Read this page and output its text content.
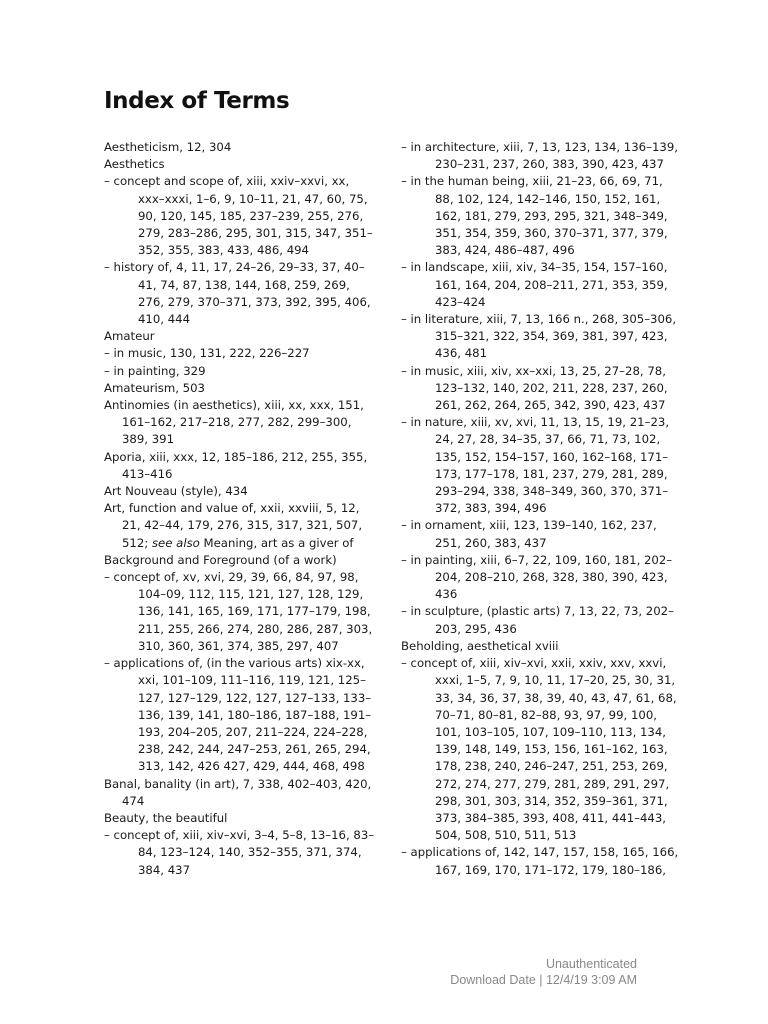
Index of Terms

Aestheticism, 12, 304

Aesthetics

– concept and scope of, xiii, xxiv–xxvi, xx, xxx–xxxi, 1–6, 9, 10–11, 21, 47, 60, 75, 90, 120, 145, 185, 237–239, 255, 276, 279, 283–286, 295, 301, 315, 347, 351–352, 355, 383, 433, 486, 494

– history of, 4, 11, 17, 24–26, 29–33, 37, 40–41, 74, 87, 138, 144, 168, 259, 269, 276, 279, 370–371, 373, 392, 395, 406, 410, 444

Amateur

– in music, 130, 131, 222, 226–227

– in painting, 329

Amateurism, 503

Antinomies (in aesthetics), xiii, xx, xxx, 151, 161–162, 217–218, 277, 282, 299–300, 389, 391

Aporia, xiii, xxx, 12, 185–186, 212, 255, 355, 413–416

Art Nouveau (style), 434

Art, function and value of, xxii, xxviii, 5, 12, 21, 42–44, 179, 276, 315, 317, 321, 507, 512; see also Meaning, art as a giver of

Background and Foreground (of a work)

– concept of, xv, xvi, 29, 39, 66, 84, 97, 98, 104–09, 112, 115, 121, 127, 128, 129, 136, 141, 165, 169, 171, 177–179, 198, 211, 255, 266, 274, 280, 286, 287, 303, 310, 360, 361, 374, 385, 297, 407

– applications of, (in the various arts) xix-xx, xxi, 101–109, 111–116, 119, 121, 125–127, 127–129, 122, 127, 127–133, 133–136, 139, 141, 180–186, 187–188, 191–193, 204–205, 207, 211–224, 224–228, 238, 242, 244, 247–253, 261, 265, 294, 313, 142, 426 427, 429, 444, 468, 498

Banal, banality (in art), 7, 338, 402–403, 420, 474

Beauty, the beautiful

– concept of, xiii, xiv–xvi, 3–4, 5–8, 13–16, 83–84, 123–124, 140, 352–355, 371, 374, 384, 437

– in architecture, xiii, 7, 13, 123, 134, 136–139, 230–231, 237, 260, 383, 390, 423, 437

– in the human being, xiii, 21–23, 66, 69, 71, 88, 102, 124, 142–146, 150, 152, 161, 162, 181, 279, 293, 295, 321, 348–349, 351, 354, 359, 360, 370–371, 377, 379, 383, 424, 486–487, 496

– in landscape, xiii, xiv, 34–35, 154, 157–160, 161, 164, 204, 208–211, 271, 353, 359, 423–424

– in literature, xiii, 7, 13, 166 n., 268, 305–306, 315–321, 322, 354, 369, 381, 397, 423, 436, 481

– in music, xiii, xiv, xx–xxi, 13, 25, 27–28, 78, 123–132, 140, 202, 211, 228, 237, 260, 261, 262, 264, 265, 342, 390, 423, 437

– in nature, xiii, xv, xvi, 11, 13, 15, 19, 21–23, 24, 27, 28, 34–35, 37, 66, 71, 73, 102, 135, 152, 154–157, 160, 162–168, 171–173, 177–178, 181, 237, 279, 281, 289, 293–294, 338, 348–349, 360, 370, 371–372, 383, 394, 496

– in ornament, xiii, 123, 139–140, 162, 237, 251, 260, 383, 437

– in painting, xiii, 6–7, 22, 109, 160, 181, 202–204, 208–210, 268, 328, 380, 390, 423, 436

– in sculpture, (plastic arts) 7, 13, 22, 73, 202–203, 295, 436

Beholding, aesthetical xviii

– concept of, xiii, xiv–xvi, xxii, xxiv, xxv, xxvi, xxxi, 1–5, 7, 9, 10, 11, 17–20, 25, 30, 31, 33, 34, 36, 37, 38, 39, 40, 43, 47, 61, 68, 70–71, 80–81, 82–88, 93, 97, 99, 100, 101, 103–105, 107, 109–110, 113, 134, 139, 148, 149, 153, 156, 161–162, 163, 178, 238, 240, 246–247, 251, 253, 269, 272, 274, 277, 279, 281, 289, 291, 297, 298, 301, 303, 314, 352, 359–361, 371, 373, 384–385, 393, 408, 411, 441–443, 504, 508, 510, 511, 513

– applications of, 142, 147, 157, 158, 165, 166, 167, 169, 170, 171–172, 179, 180–186,

Unauthenticated
Download Date | 12/4/19 3:09 AM
